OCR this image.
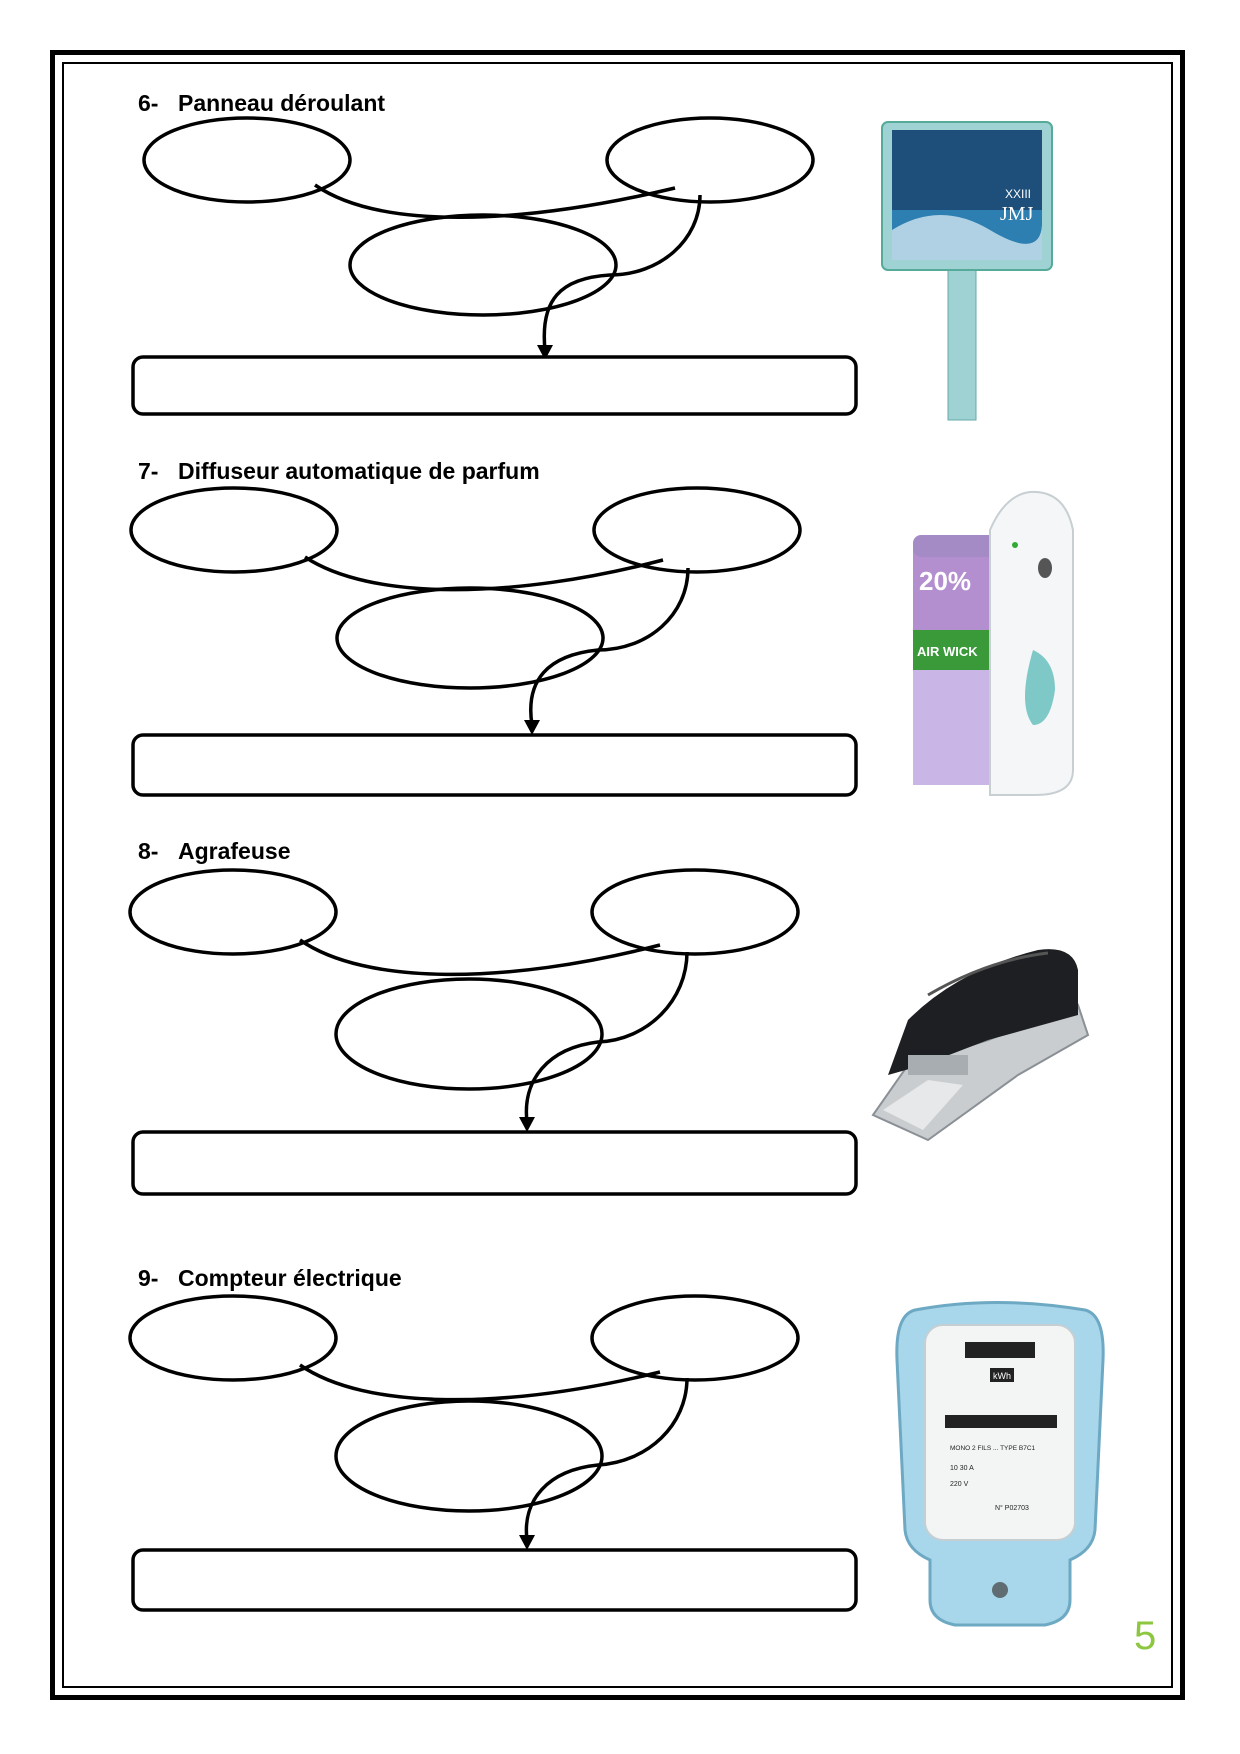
6- Panneau déroulant
JMJ
XXIII
7- Diffuseur automatique de parfum
20%
AIR WICK
8- Agrafeuse
9- Compteur électrique
kWh
MONO 2 FILS ... TYPE B7C1
10 30 A
220 V
N° P02703
5
